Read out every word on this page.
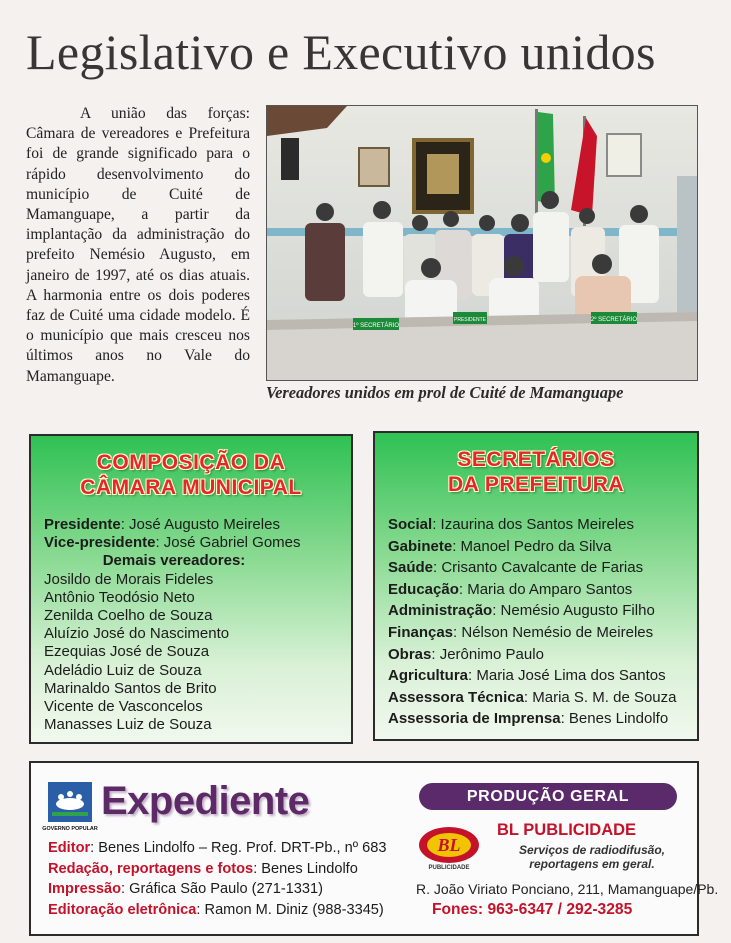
Legislativo e Executivo unidos

A união das forças: Câmara de vereadores e Prefeitura foi de grande significado para o rápido desenvolvimento do município de Cuité de Mamanguape, a partir da implantação da administração do prefeito Nemésio Augusto, em janeiro de 1997, até os dias atuais. A harmonia entre os dois poderes faz de Cuité uma cidade modelo. É o município que mais cresceu nos últimos anos no Vale do Mamanguape.

1º SECRETÁRIO
PRESIDENTE	2º SECRETÁRIO
Vereadores unidos em prol de Cuité de Mamanguape
COMPOSIÇÃO DA
CÂMARA MUNICIPAL
Presidente: José Augusto Meireles
Vice-presidente: José Gabriel Gomes
Demais vereadores:
Josildo de Morais Fideles
Antônio Teodósio Neto
Zenilda Coelho de Souza
Aluízio José do Nascimento
Ezequias José de Souza
Adeládio Luiz de Souza
Marinaldo Santos de Brito
Vicente de Vasconcelos
Manasses Luiz de Souza
SECRETÁRIOS
DA PREFEITURA
Social: Izaurina dos Santos Meireles
Gabinete: Manoel Pedro da Silva
Saúde: Crisanto Cavalcante de Farias
Educação: Maria do Amparo Santos
Administração: Nemésio Augusto Filho
Finanças: Nélson Nemésio de Meireles
Obras: Jerônimo Paulo
Agricultura: Maria José Lima dos Santos
Assessora Técnica: Maria S. M. de Souza
Assessoria de Imprensa: Benes Lindolfo
GOVERNO POPULAR
Expediente
Editor: Benes Lindolfo – Reg. Prof. DRT-Pb., nº 683
Redação, reportagens e fotos: Benes Lindolfo
Impressão: Gráfica São Paulo (271-1331)
Editoração eletrônica: Ramon M. Diniz (988-3345)
PRODUÇÃO GERAL
BL
PUBLICIDADE
BL PUBLICIDADE
Serviços de radiodifusão, reportagens em geral.
R. João Viriato Ponciano, 211, Mamanguape/Pb.
Fones: 963-6347 / 292-3285
